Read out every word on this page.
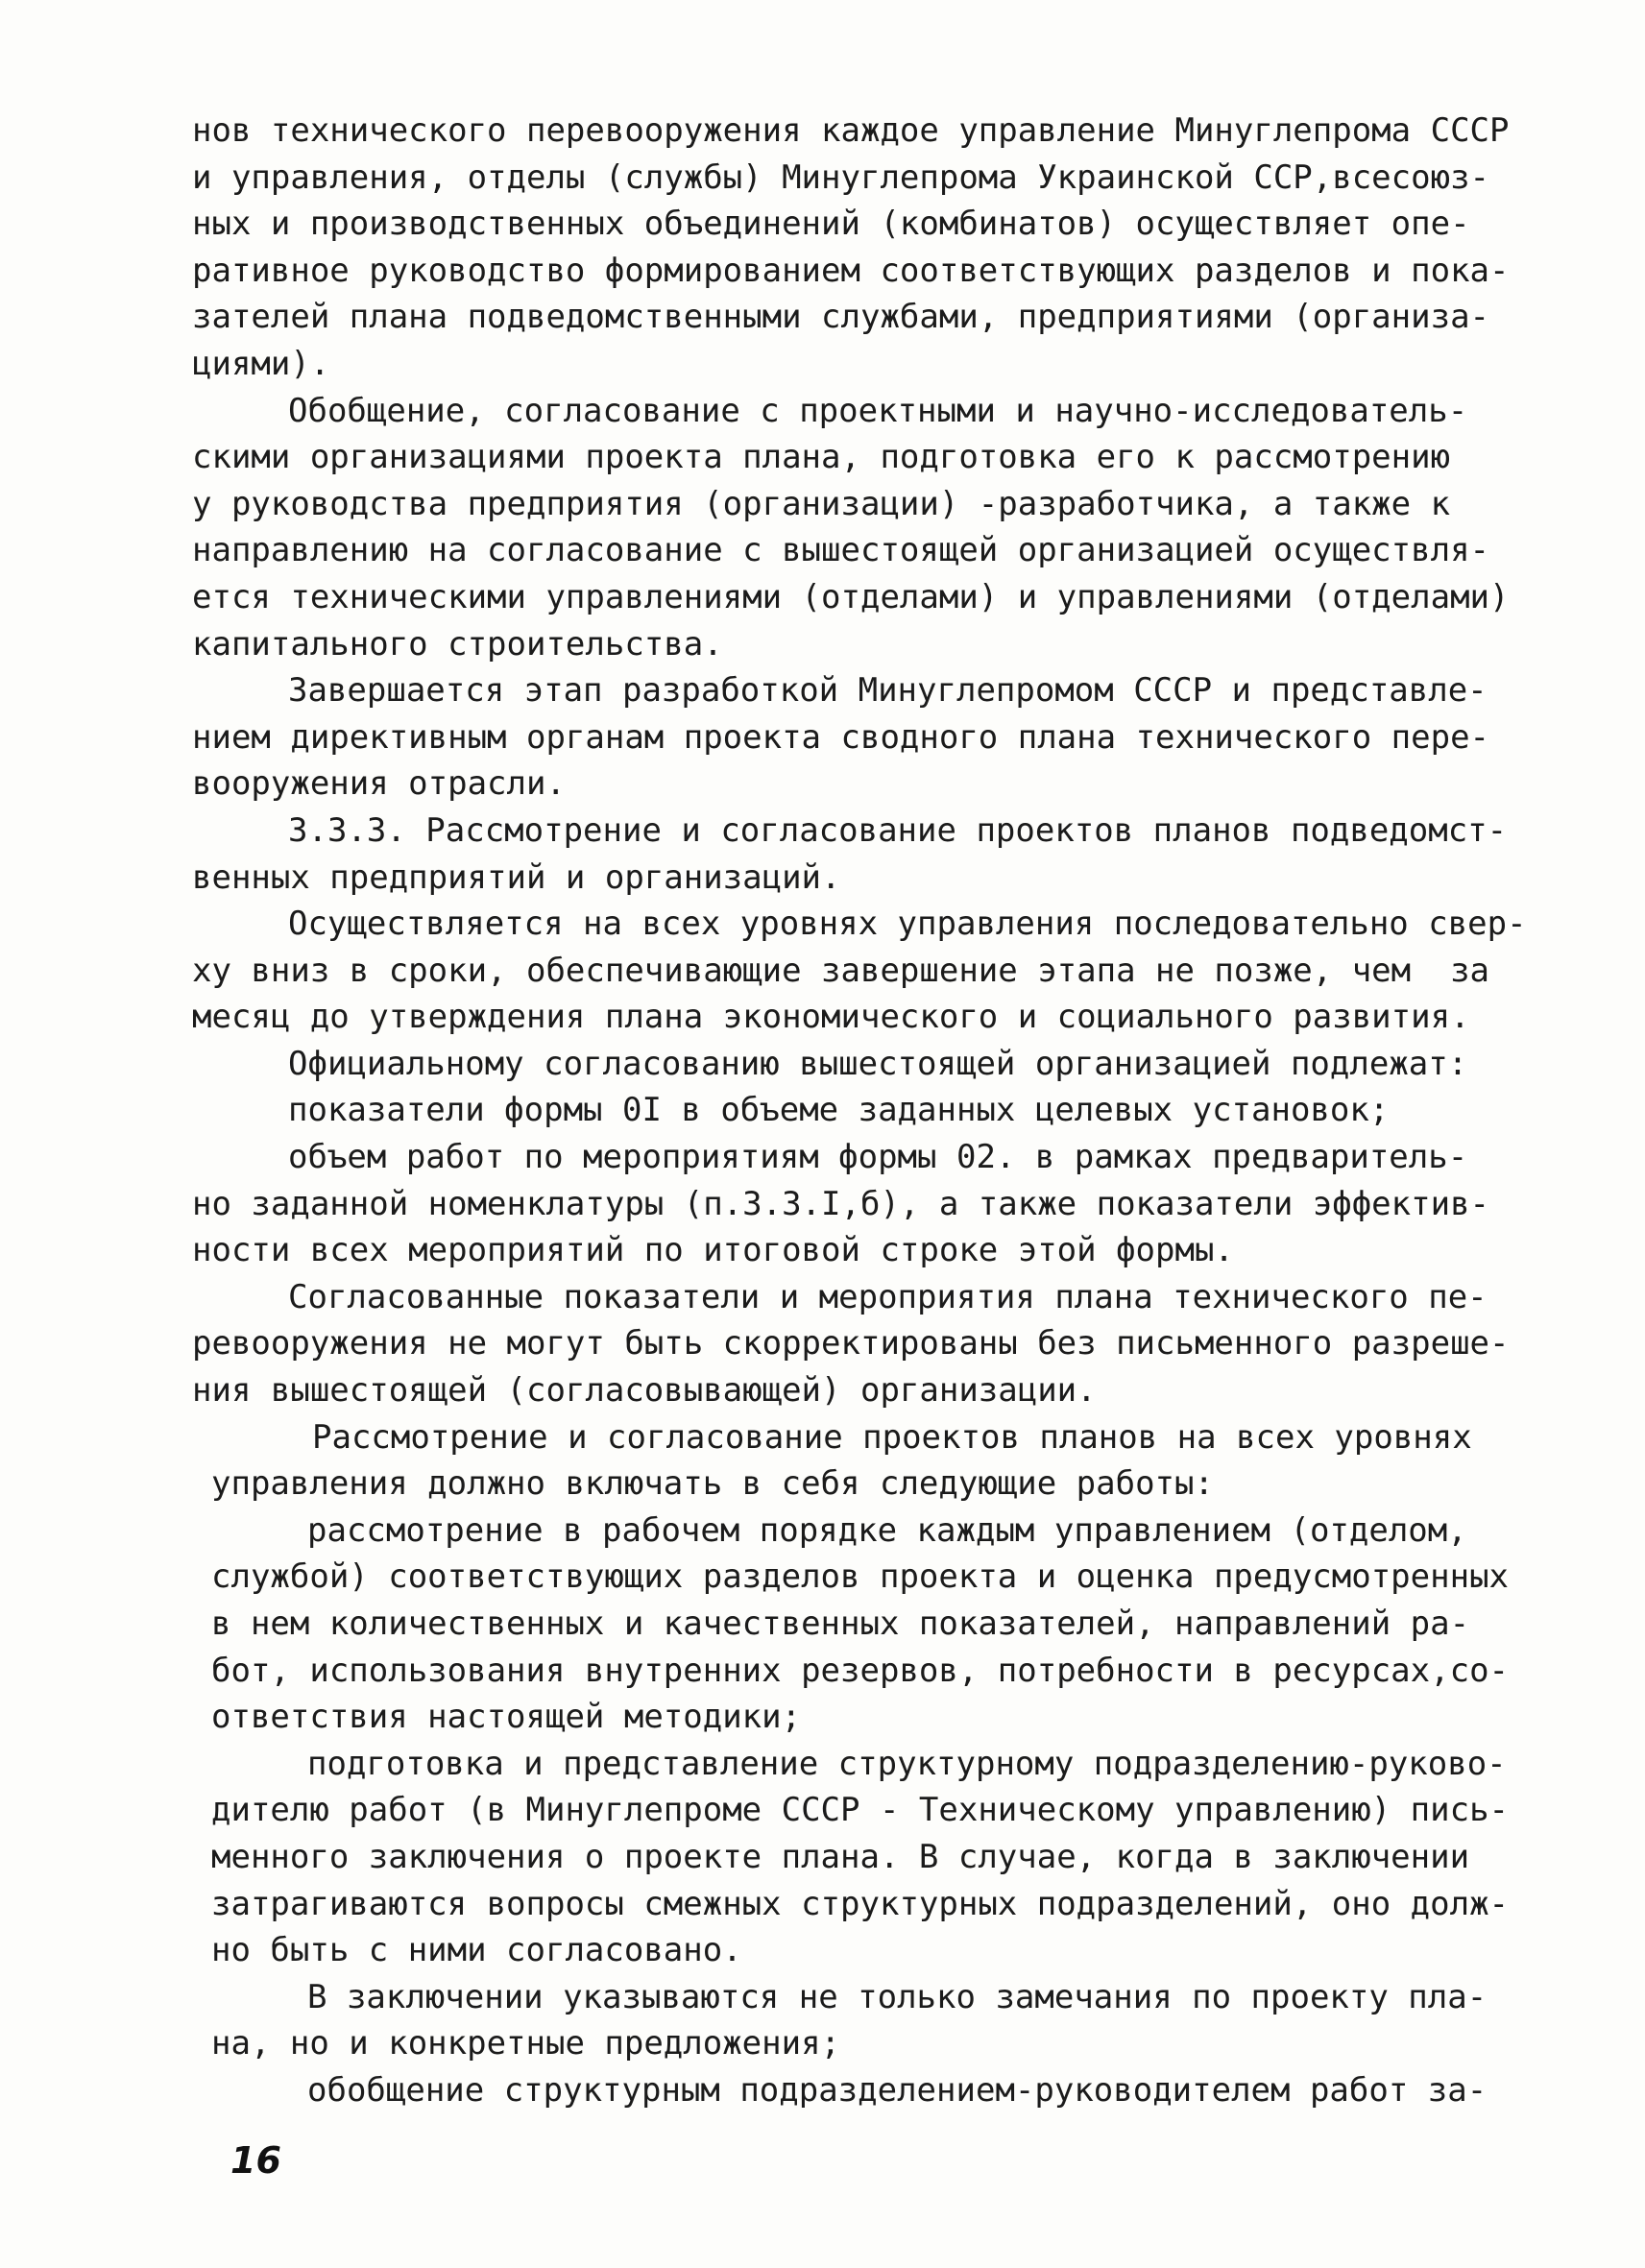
нов технического перевооружения каждое управление Минуглепрома СССР
и управления, отделы (службы) Минуглепрома Украинской ССР,всесоюз-
ных и производственных объединений (комбинатов) осуществляет опе-
ративное руководство формированием соответствующих разделов и пока-
зателей плана подведомственными службами, предприятиями (организа-
циями).
Обобщение, согласование с проектными и научно-исследователь-
скими организациями проекта плана, подготовка его к рассмотрению
у руководства предприятия (организации) -разработчика, а также к
направлению на согласование с вышестоящей организацией осуществля-
ется техническими управлениями (отделами) и управлениями (отделами)
капитального строительства.
Завершается этап разработкой Минуглепромом СССР и представле-
нием директивным органам проекта сводного плана технического пере-
вооружения отрасли.
3.3.3. Рассмотрение и согласование проектов планов подведомст-
венных предприятий и организаций.
Осуществляется на всех уровнях управления последовательно свер-
ху вниз в сроки, обеспечивающие завершение этапа не позже, чем  за
месяц до утверждения плана экономического и социального развития.
Официальному согласованию вышестоящей организацией подлежат:
показатели формы 0I в объеме заданных целевых установок;
объем работ по мероприятиям формы 02. в рамках предваритель-
но заданной номенклатуры (п.3.3.I,б), а также показатели эффектив-
ности всех мероприятий по итоговой строке этой формы.
Согласованные показатели и мероприятия плана технического пе-
ревооружения не могут быть скорректированы без письменного разреше-
ния вышестоящей (согласовывающей) организации.
Рассмотрение и согласование проектов планов на всех уровнях
управления должно включать в себя следующие работы:
рассмотрение в рабочем порядке каждым управлением (отделом,
службой) соответствующих разделов проекта и оценка предусмотренных
в нем количественных и качественных показателей, направлений ра-
бот, использования внутренних резервов, потребности в ресурсах,со-
ответствия настоящей методики;
подготовка и представление структурному подразделению-руково-
дителю работ (в Минуглепроме СССР - Техническому управлению) пись-
менного заключения о проекте плана. В случае, когда в заключении
затрагиваются вопросы смежных структурных подразделений, оно долж-
но быть с ними согласовано.
В заключении указываются не только замечания по проекту пла-
на, но и конкретные предложения;
обобщение структурным подразделением-руководителем работ за-
16
